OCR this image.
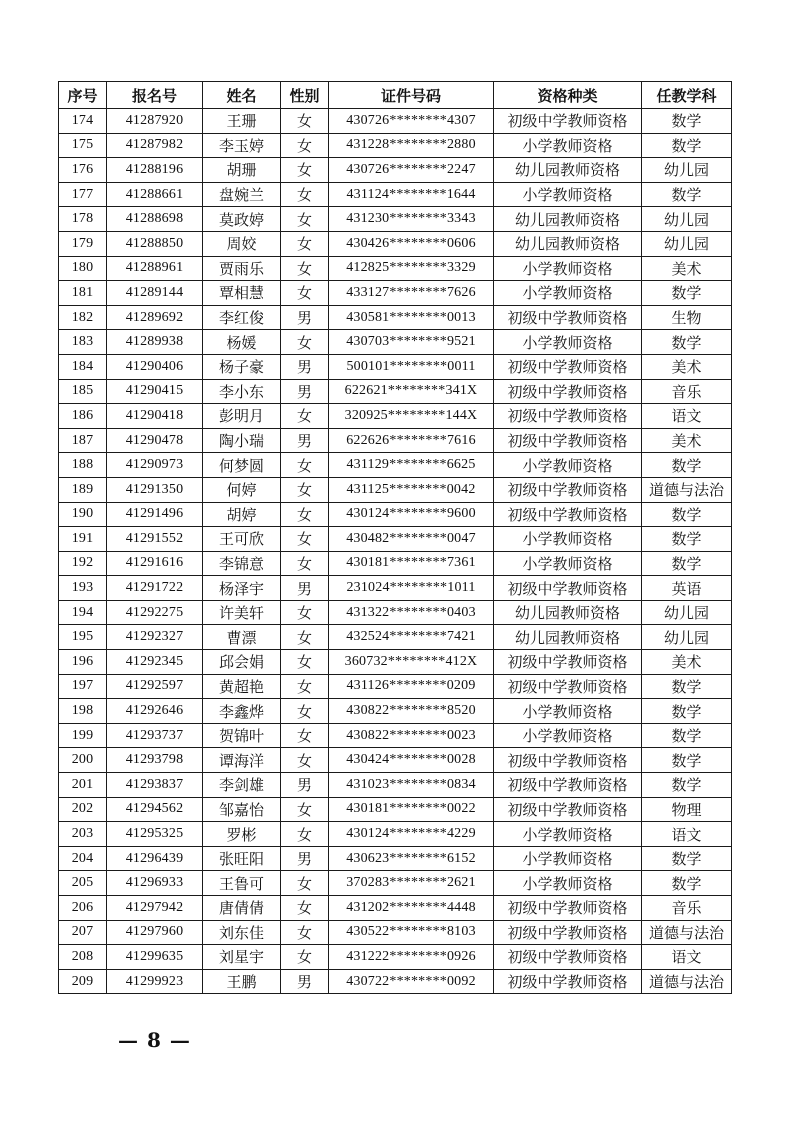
序号	报名号	姓名	性别	证件号码	资格种类	任教学科
174	41287920	王珊	女	430726********4307	初级中学教师资格	数学
175	41287982	李玉婷	女	431228********2880	小学教师资格	数学
176	41288196	胡珊	女	430726********2247	幼儿园教师资格	幼儿园
177	41288661	盘婉兰	女	431124********1644	小学教师资格	数学
178	41288698	莫政婷	女	431230********3343	幼儿园教师资格	幼儿园
179	41288850	周姣	女	430426********0606	幼儿园教师资格	幼儿园
180	41288961	贾雨乐	女	412825********3329	小学教师资格	美术
181	41289144	覃相慧	女	433127********7626	小学教师资格	数学
182	41289692	李红俊	男	430581********0013	初级中学教师资格	生物
183	41289938	杨媛	女	430703********9521	小学教师资格	数学
184	41290406	杨子豪	男	500101********0011	初级中学教师资格	美术
185	41290415	李小东	男	622621********341X	初级中学教师资格	音乐
186	41290418	彭明月	女	320925********144X	初级中学教师资格	语文
187	41290478	陶小瑞	男	622626********7616	初级中学教师资格	美术
188	41290973	何梦圆	女	431129********6625	小学教师资格	数学
189	41291350	何婷	女	431125********0042	初级中学教师资格	道德与法治
190	41291496	胡婷	女	430124********9600	初级中学教师资格	数学
191	41291552	王可欣	女	430482********0047	小学教师资格	数学
192	41291616	李锦意	女	430181********7361	小学教师资格	数学
193	41291722	杨泽宇	男	231024********1011	初级中学教师资格	英语
194	41292275	许美轩	女	431322********0403	幼儿园教师资格	幼儿园
195	41292327	曹漂	女	432524********7421	幼儿园教师资格	幼儿园
196	41292345	邱会娟	女	360732********412X	初级中学教师资格	美术
197	41292597	黄超艳	女	431126********0209	初级中学教师资格	数学
198	41292646	李鑫烨	女	430822********8520	小学教师资格	数学
199	41293737	贺锦叶	女	430822********0023	小学教师资格	数学
200	41293798	谭海洋	女	430424********0028	初级中学教师资格	数学
201	41293837	李剑雄	男	431023********0834	初级中学教师资格	数学
202	41294562	邹嘉怡	女	430181********0022	初级中学教师资格	物理
203	41295325	罗彬	女	430124********4229	小学教师资格	语文
204	41296439	张旺阳	男	430623********6152	小学教师资格	数学
205	41296933	王鲁可	女	370283********2621	小学教师资格	数学
206	41297942	唐倩倩	女	431202********4448	初级中学教师资格	音乐
207	41297960	刘东佳	女	430522********8103	初级中学教师资格	道德与法治
208	41299635	刘星宇	女	431222********0926	初级中学教师资格	语文
209	41299923	王鹏	男	430722********0092	初级中学教师资格	道德与法治
— 8 —
